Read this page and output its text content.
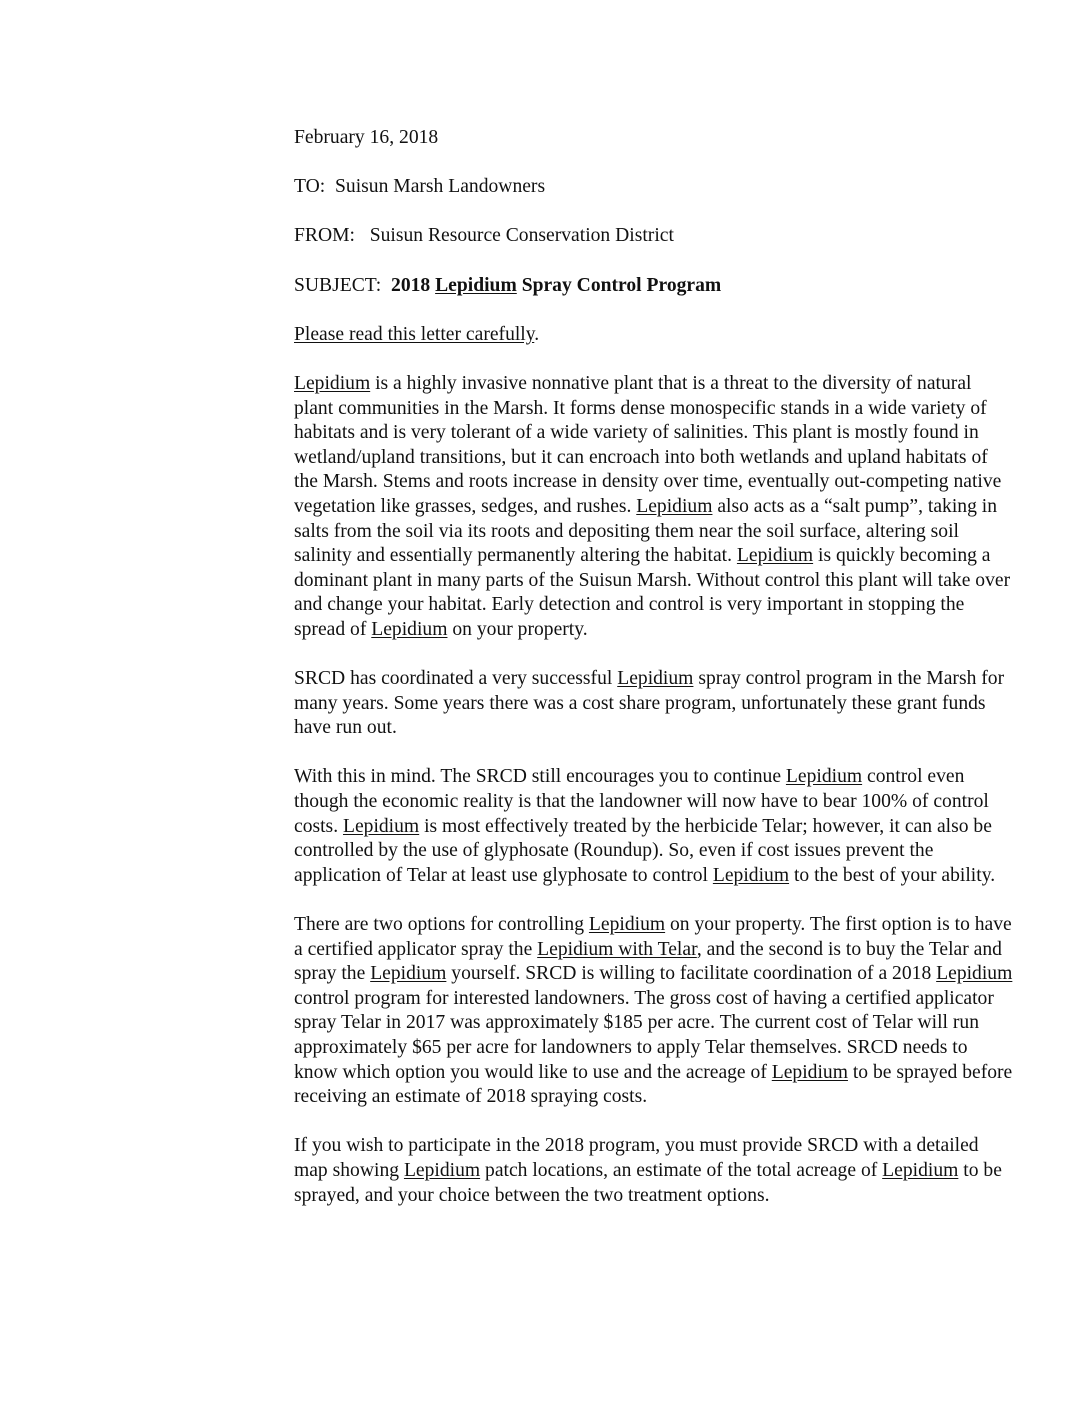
February 16, 2018
TO: Suisun Marsh Landowners
FROM: Suisun Resource Conservation District
SUBJECT: 2018 Lepidium Spray Control Program
Please read this letter carefully.

Lepidium is a highly invasive nonnative plant that is a threat to the diversity of natural plant communities in the Marsh. It forms dense monospecific stands in a wide variety of habitats and is very tolerant of a wide variety of salinities. This plant is mostly found in wetland/upland transitions, but it can encroach into both wetlands and upland habitats of the Marsh. Stems and roots increase in density over time, eventually out-competing native vegetation like grasses, sedges, and rushes. Lepidium also acts as a “salt pump”, taking in salts from the soil via its roots and depositing them near the soil surface, altering soil salinity and essentially permanently altering the habitat. Lepidium is quickly becoming a dominant plant in many parts of the Suisun Marsh. Without control this plant will take over and change your habitat. Early detection and control is very important in stopping the spread of Lepidium on your property.

SRCD has coordinated a very successful Lepidium spray control program in the Marsh for many years. Some years there was a cost share program, unfortunately these grant funds have run out.

With this in mind. The SRCD still encourages you to continue Lepidium control even though the economic reality is that the landowner will now have to bear 100% of control costs. Lepidium is most effectively treated by the herbicide Telar; however, it can also be controlled by the use of glyphosate (Roundup). So, even if cost issues prevent the application of Telar at least use glyphosate to control Lepidium to the best of your ability.

There are two options for controlling Lepidium on your property. The first option is to have a certified applicator spray the Lepidium with Telar, and the second is to buy the Telar and spray the Lepidium yourself. SRCD is willing to facilitate coordination of a 2018 Lepidium control program for interested landowners. The gross cost of having a certified applicator spray Telar in 2017 was approximately $185 per acre. The current cost of Telar will run approximately $65 per acre for landowners to apply Telar themselves. SRCD needs to know which option you would like to use and the acreage of Lepidium to be sprayed before receiving an estimate of 2018 spraying costs.

If you wish to participate in the 2018 program, you must provide SRCD with a detailed map showing Lepidium patch locations, an estimate of the total acreage of Lepidium to be sprayed, and your choice between the two treatment options.
